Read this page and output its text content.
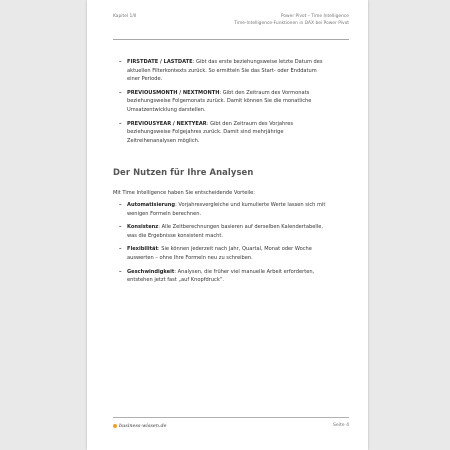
Kapitel 1/II	Power Pivot – Time Intelligence
Time-Intelligence-Funktionen in DAX bei Power Pivot
– FIRSTDATE / LASTDATE: Gibt das erste beziehungsweise letzte Datum des
aktuellen Filterkontexts zurück. So ermitteln Sie das Start- oder Enddatum
einer Periode.
– PREVIOUSMONTH / NEXTMONTH: Gibt den Zeitraum des Vormonats
beziehungsweise Folgemonats zurück. Damit können Sie die monatliche
Umsatzentwicklung darstellen.
– PREVIOUSYEAR / NEXTYEAR: Gibt den Zeitraum des Vorjahres
beziehungsweise Folgejahres zurück. Damit sind mehrjährige
Zeitreihenanalysen möglich.
Der Nutzen für Ihre Analysen
Mit Time Intelligence haben Sie entscheidende Vorteile:
– Automatisierung: Vorjahresvergleiche und kumulierte Werte lassen sich mit
wenigen Formeln berechnen.
– Konsistenz: Alle Zeitberechnungen basieren auf derselben Kalendertabelle,
was die Ergebnisse konsistent macht.
– Flexibilität: Sie können jederzeit nach Jahr, Quartal, Monat oder Woche
auswerten – ohne Ihre Formeln neu zu schreiben.
– Geschwindigkeit: Analysen, die früher viel manuelle Arbeit erforderten,
entstehen jetzt fast „auf Knopfdruck“.
business-wissen.de	Seite 4
